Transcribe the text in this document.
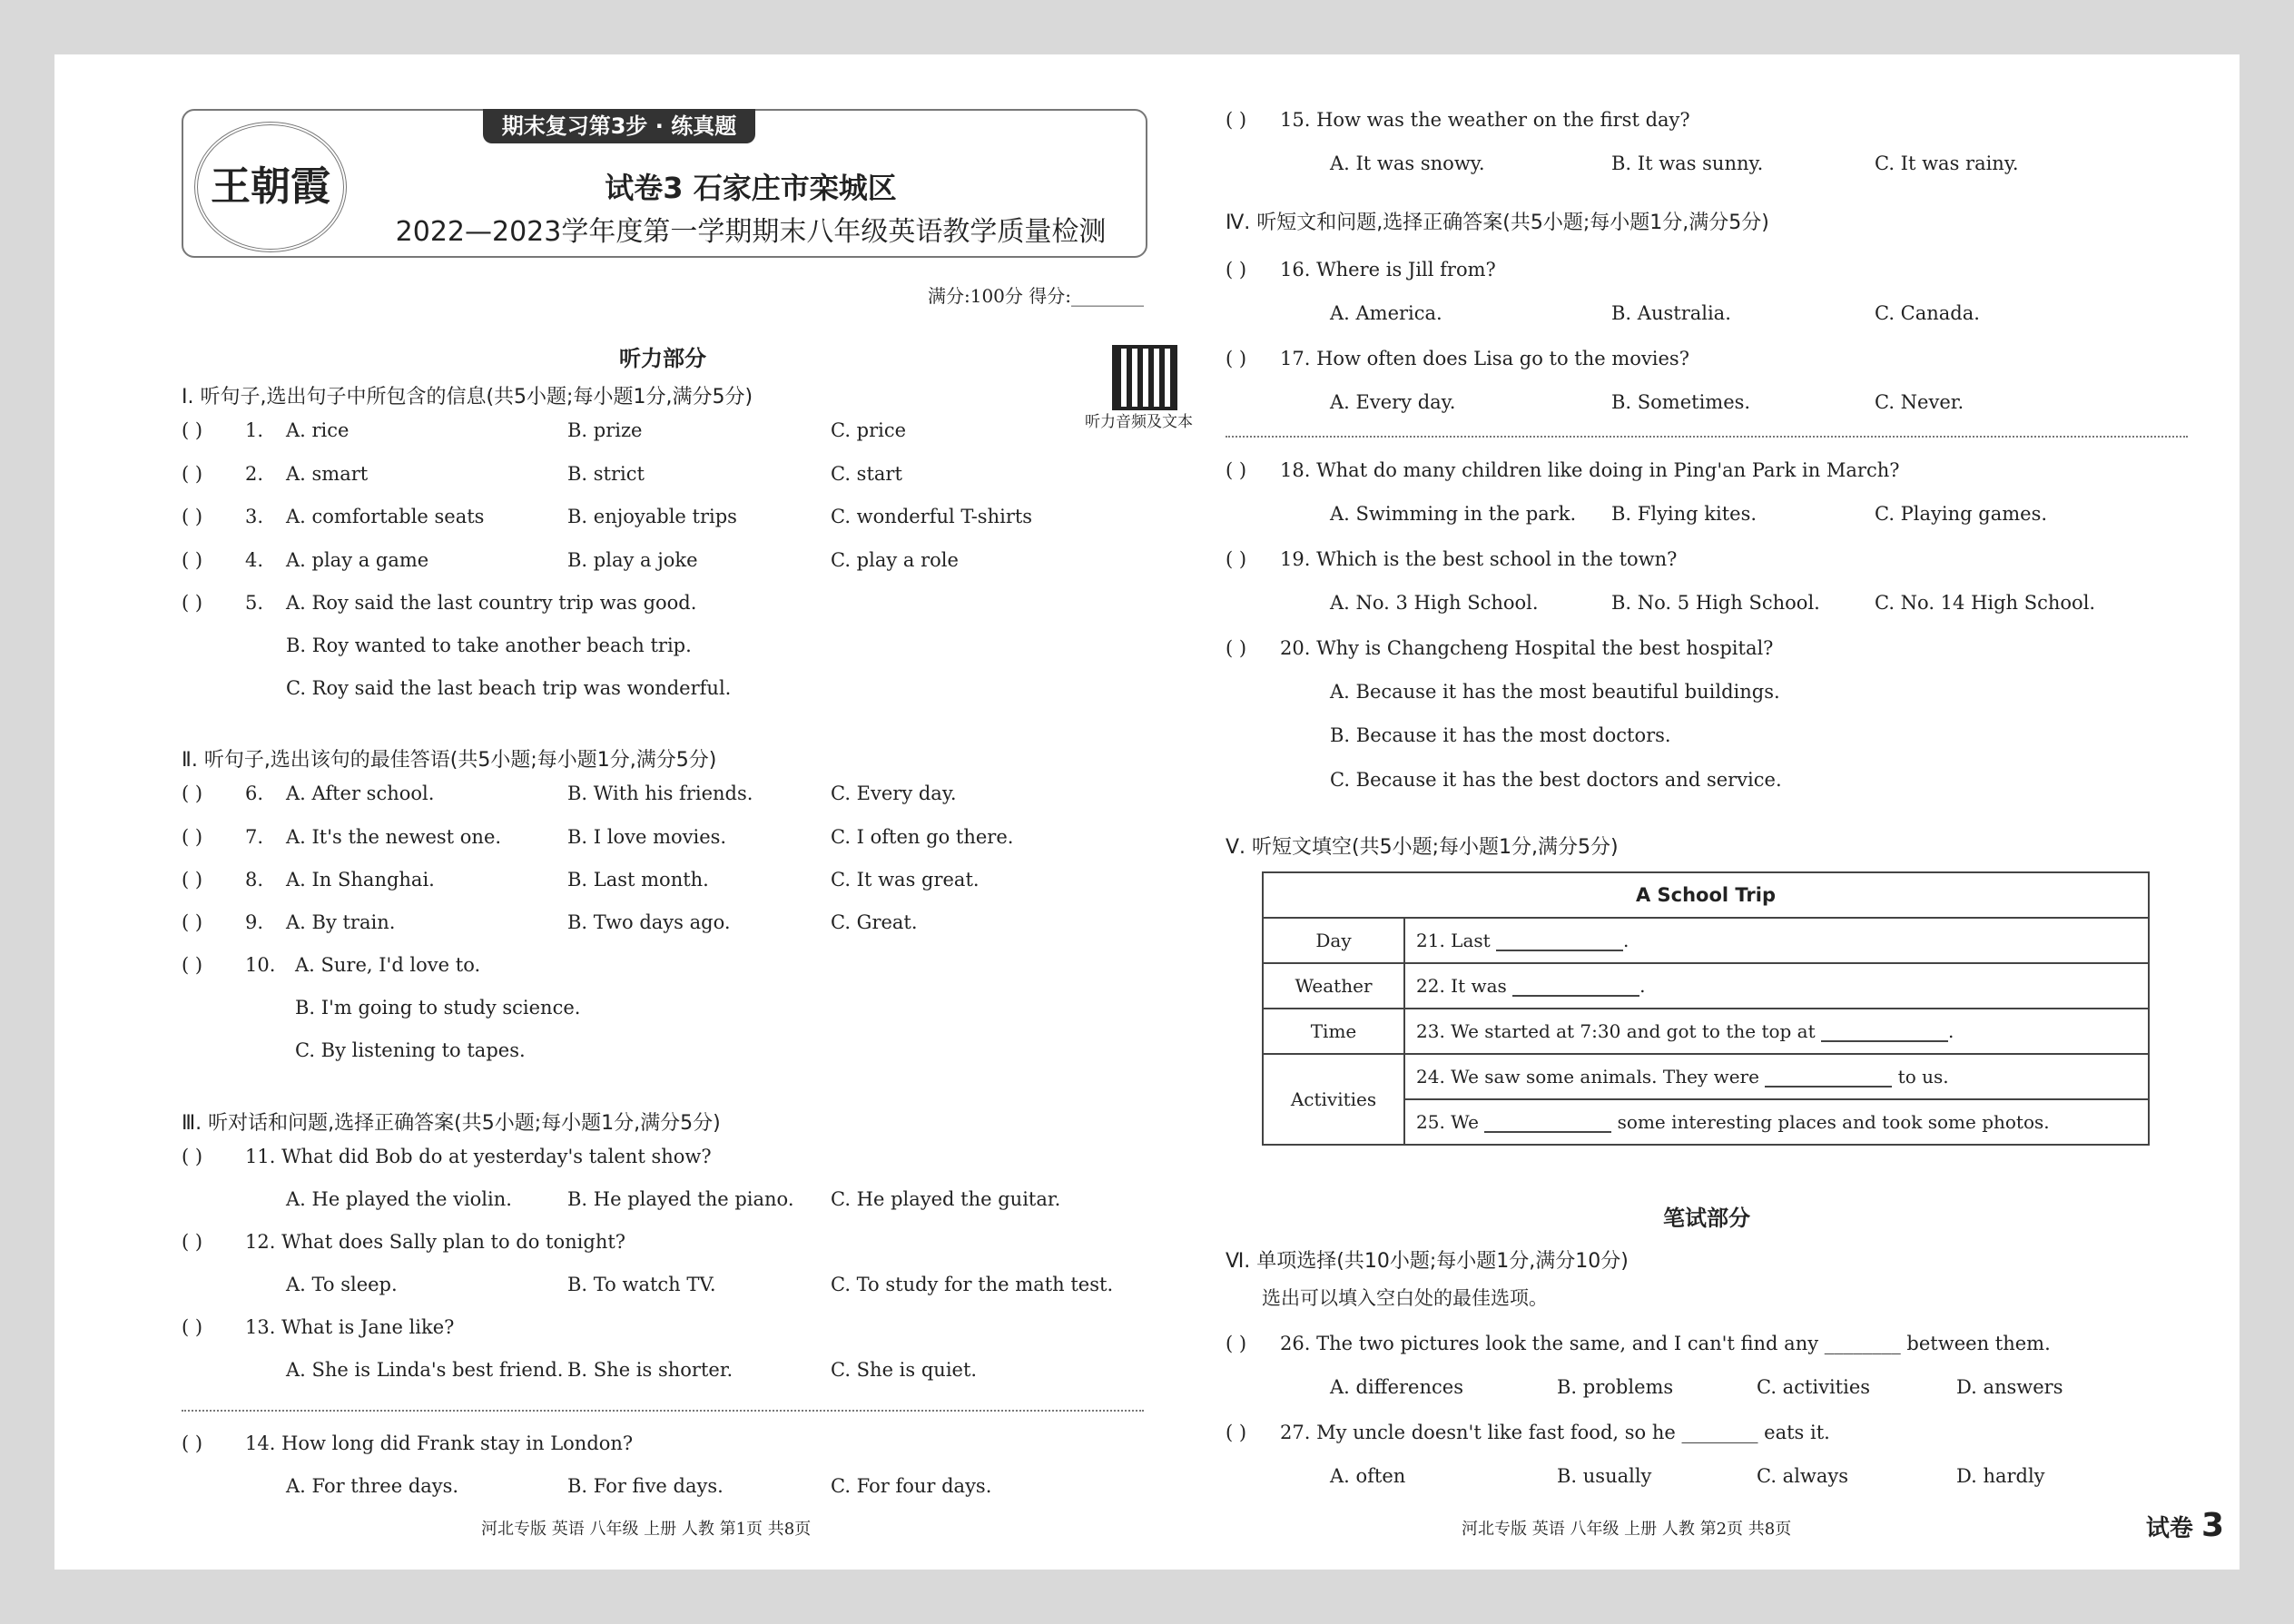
期末复习第3步 · 练真题
王朝霞	试卷3 石家庄市栾城区
2022—2023学年度第一学期期末八年级英语教学质量检测
满分:100分 得分:________
听力部分
听力音频及文本
Ⅰ. 听句子,选出句子中所包含的信息(共5小题;每小题1分,满分5分)
( ) 1. A. rice	B. prize	C. price
( ) 2. A. smart	B. strict	C. start
( ) 3. A. comfortable seats	B. enjoyable trips	C. wonderful T-shirts
( ) 4. A. play a game	B. play a joke	C. play a role
( ) 5. A. Roy said the last country trip was good.
B. Roy wanted to take another beach trip.
C. Roy said the last beach trip was wonderful.
Ⅱ. 听句子,选出该句的最佳答语(共5小题;每小题1分,满分5分)
( ) 6. A. After school.	B. With his friends.	C. Every day.
( ) 7. A. It's the newest one.	B. I love movies.	C. I often go there.
( ) 8. A. In Shanghai.	B. Last month.	C. It was great.
( ) 9. A. By train.	B. Two days ago.	C. Great.
( ) 10. A. Sure, I'd love to.
B. I'm going to study science.
C. By listening to tapes.
Ⅲ. 听对话和问题,选择正确答案(共5小题;每小题1分,满分5分)
( ) 11. What did Bob do at yesterday's talent show?
A. He played the violin.	B. He played the piano. C. He played the guitar.
( ) 12. What does Sally plan to do tonight?
A. To sleep.	B. To watch TV.	C. To study for the math test.
( ) 13. What is Jane like?
A. She is Linda's best friend. B. She is shorter.	C. She is quiet.
( ) 14. How long did Frank stay in London?
A. For three days.	B. For five days.	C. For four days.
河北专版 英语 八年级 上册 人教 第1页 共8页
( ) 15. How was the weather on the first day?
A. It was snowy.	B. It was sunny.	C. It was rainy.
Ⅳ. 听短文和问题,选择正确答案(共5小题;每小题1分,满分5分)
( ) 16. Where is Jill from?
A. America.	B. Australia.	C. Canada.
( ) 17. How often does Lisa go to the movies?
A. Every day.	B. Sometimes.	C. Never.
( ) 18. What do many children like doing in Ping'an Park in March?
A. Swimming in the park. B. Flying kites.	C. Playing games.
( ) 19. Which is the best school in the town?
A. No. 3 High School.	B. No. 5 High School.	C. No. 14 High School.
( ) 20. Why is Changcheng Hospital the best hospital?
A. Because it has the most beautiful buildings.
B. Because it has the most doctors.
C. Because it has the best doctors and service.
Ⅴ. 听短文填空(共5小题;每小题1分,满分5分)
A School Trip	
Day	21. Last .
Weather	22. It was .
Time	23. We started at 7:30 and got to the top at .
Activities	24. We saw some animals. They were to us.
	25. We some interesting places and took some photos.
笔试部分
Ⅵ. 单项选择(共10小题;每小题1分,满分10分)
选出可以填入空白处的最佳选项。
( ) 26. The two pictures look the same, and I can't find any ________ between them.
A. differences	B. problems	C. activities	D. answers
( ) 27. My uncle doesn't like fast food, so he ________ eats it.
A. often	B. usually	C. always	D. hardly
河北专版 英语 八年级 上册 人教 第2页 共8页	试卷 3
